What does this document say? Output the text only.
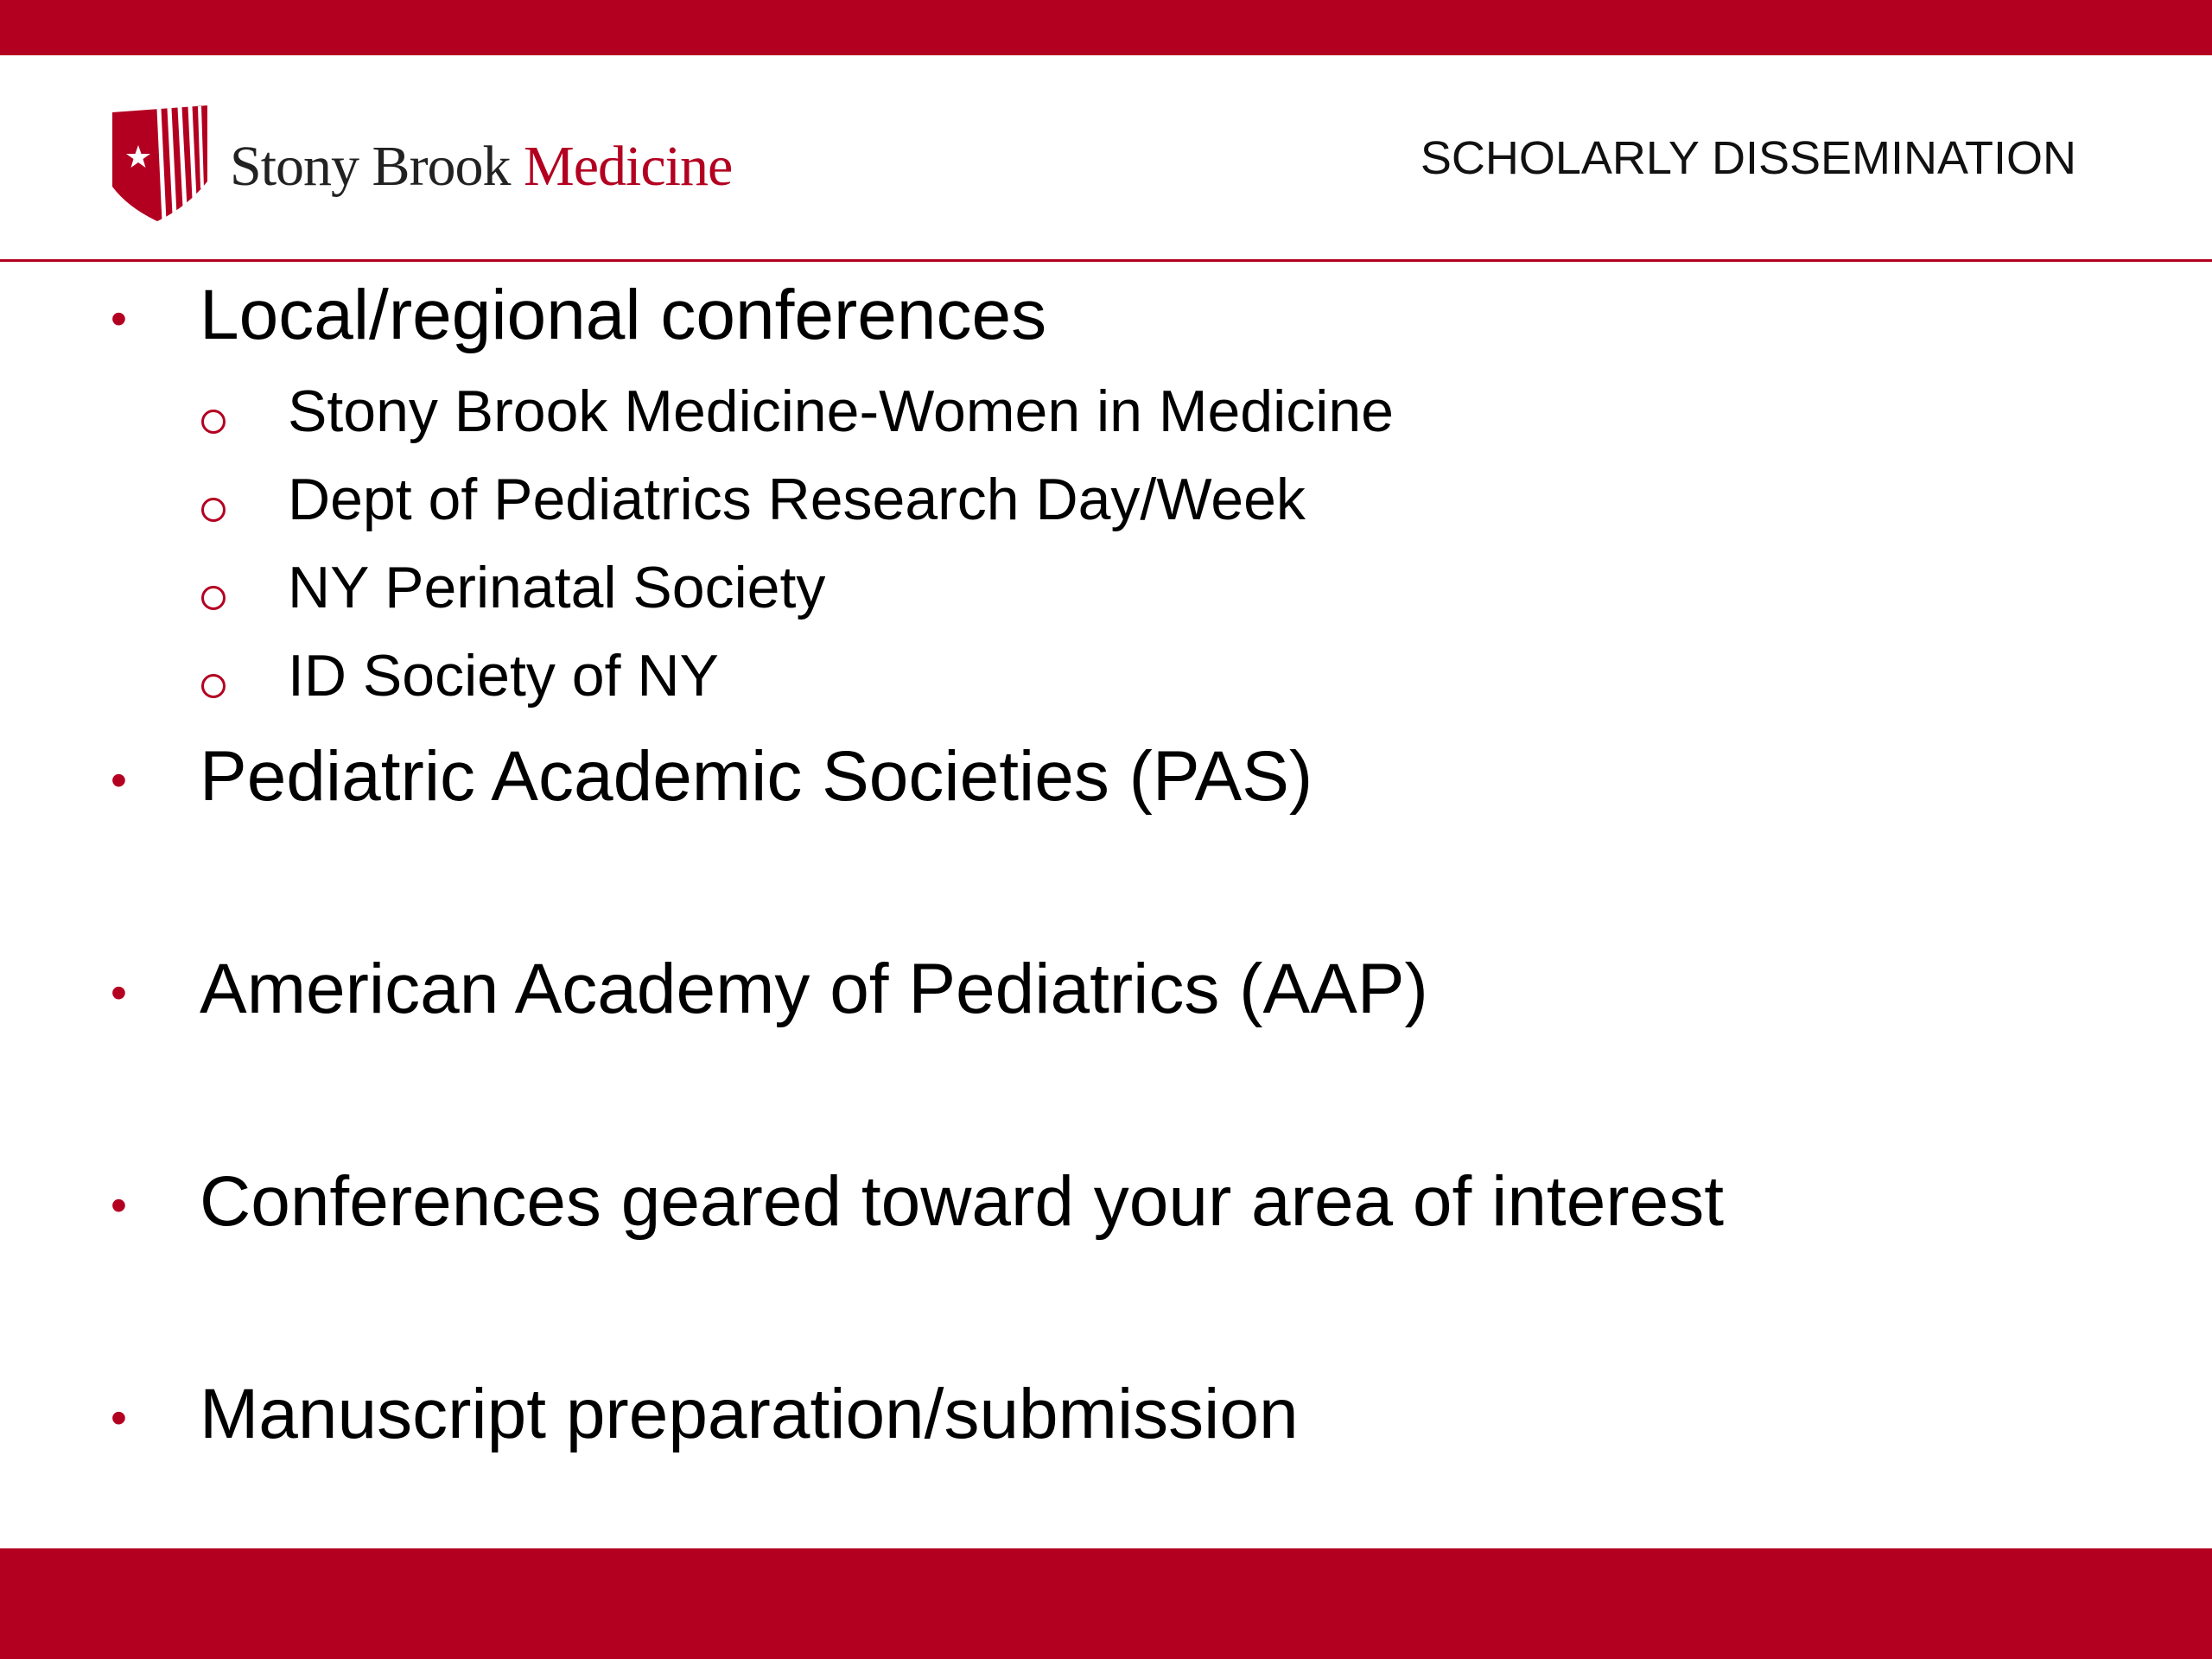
Stony Brook Medicine	SCHOLARLY DISSEMINATION
• Local/regional conferences
Stony Brook Medicine-Women in Medicine
Dept of Pediatrics Research Day/Week
NY Perinatal Society
ID Society of NY
• Pediatric Academic Societies (PAS)
• American Academy of Pediatrics (AAP)
• Conferences geared toward your area of interest
• Manuscript preparation/submission
